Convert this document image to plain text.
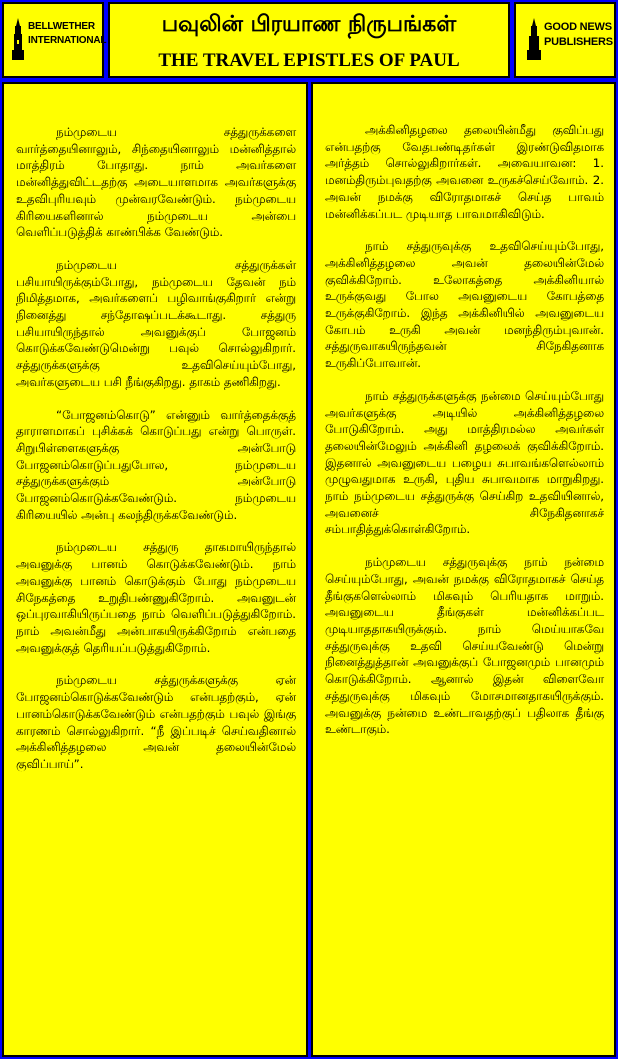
BELLWETHER
INTERNATIONAL
பவுலின் பிரயாண நிருபங்கள்
THE TRAVEL EPISTLES OF PAUL
GOOD NEWS
PUBLISHERS

நம்முடைய சத்துருக்களை வார்த்தையினாலும், சிந்தையினாலும் மன்னித்தால் மாத்திரம் போதாது. நாம் அவர்களை மன்னித்துவிட்டதற்கு அடையாளமாக அவர்களுக்கு உதவிபுரியவும் முன்வரவேண்டும். நம்முடைய கிரியைகளினால் நம்முடைய அன்பை வெளிப்படுத்திக் காண்பிக்க வேண்டும்.

நம்முடைய சத்துருக்கள் பசியாயிருக்கும்போது, நம்முடைய தேவன் நம் நிமித்தமாக, அவர்களைப் பழிவாங்குகிறார் என்று நினைத்து சந்தோஷப்படக்கூடாது. சத்துரு பசியாயிருந்தால் அவனுக்குப் போஜனம் கொடுக்கவேண்டுமென்று பவுல் சொல்லுகிறார். சத்துருக்களுக்கு உதவிசெய்யும்போது, அவர்களுடைய பசி நீங்குகிறது. தாகம் தணிகிறது.

“போஜனம்கொடு” என்னும் வார்த்தைக்குத் தாராளமாகப் புசிக்கக் கொடுப்பது என்று பொருள். சிறுபிள்ளைகளுக்கு அன்போடு போஜனம்கொடுப்பதுபோல, நம்முடைய சத்துருக்களுக்கும் அன்போடு போஜனம்கொடுக்கவேண்டும். நம்முடைய கிரியையில் அன்பு கலந்திருக்கவேண்டும்.

நம்முடைய சத்துரு தாகமாயிருந்தால் அவனுக்கு பானம் கொடுக்கவேண்டும். நாம் அவனுக்கு பானம் கொடுக்கும் போது நம்முடைய சிநேகத்தை உறுதிபண்ணுகிறோம். அவனுடன் ஒப்புரவாகியிருப்பதை நாம் வெளிப்படுத்துகிறோம். நாம் அவன்மீது அன்பாகயிருக்கிறோம் என்பதை அவனுக்குத் தெரியப்படுத்துகிறோம்.

நம்முடைய சத்துருக்களுக்கு ஏன் போஜனம்கொடுக்கவேண்டும் என்பதற்கும், ஏன் பானம்கொடுக்கவேண்டும் என்பதற்கும் பவுல் இங்கு காரணம் சொல்லுகிறார். “நீ இப்படிச் செய்வதினால் அக்கினித்தழலை அவன் தலையின்மேல் குவிப்பாய்”.

அக்கினிதழலை தலையின்மீது குவிப்பது என்பதற்கு வேதபண்டிதர்கள் இரண்டுவிதமாக அர்த்தம் சொல்லுகிறார்கள். அவையாவன: 1. மனம்திரும்புவதற்கு அவனை உருகச்செய்வோம். 2. அவன் நமக்கு விரோதமாகச் செய்த பாவம் மன்னிக்கப்பட முடியாத பாவமாகிவிடும்.

நாம் சத்துருவுக்கு உதவிசெய்யும்போது, அக்கினித்தழலை அவன் தலையின்மேல் குவிக்கிறோம். உலோகத்தை அக்கினியால் உருக்குவது போல அவனுடைய கோபத்தை உருக்குகிறோம். இந்த அக்கினியில் அவனுடைய கோபம் உருகி அவன் மனந்திரும்புவான். சத்துருவாகயிருந்தவன் சிநேகிதனாக உருகிப்போவான்.

நாம் சத்துருக்களுக்கு நன்மை செய்யும்போது அவர்களுக்கு அடியில் அக்கினித்தழலை போடுகிறோம். அது மாத்திரமல்ல அவர்கள் தலையின்மேலும் அக்கினி தழலைக் குவிக்கிறோம். இதனால் அவனுடைய பழைய சுபாவங்களெல்லாம் முழுவதுமாக உருகி, புதிய சுபாவமாக மாறுகிறது. நாம் நம்முடைய சத்துருக்கு செய்கிற உதவியினால், அவனைச் சிநேகிதனாகச் சம்பாதித்துக்கொள்கிறோம்.

நம்முடைய சத்துருவுக்கு நாம் நன்மை செய்யும்போது, அவன் நமக்கு விரோதமாகச் செய்த தீங்குகளெல்லாம் மிகவும் பெரியதாக மாறும். அவனுடைய தீங்குகள் மன்னிக்கப்பட முடியாததாகயிருக்கும். நாம் மெய்யாகவே சத்துருவுக்கு உதவி செய்யவேண்டு மென்று நினைத்துத்தான் அவனுக்குப் போஜனமும் பானமும் கொடுக்கிறோம். ஆனால் இதன் விளைவோ சத்துருவுக்கு மிகவும் மோசமானதாகயிருக்கும். அவனுக்கு நன்மை உண்டாவதற்குப் பதிலாக தீங்கு உண்டாகும்.
